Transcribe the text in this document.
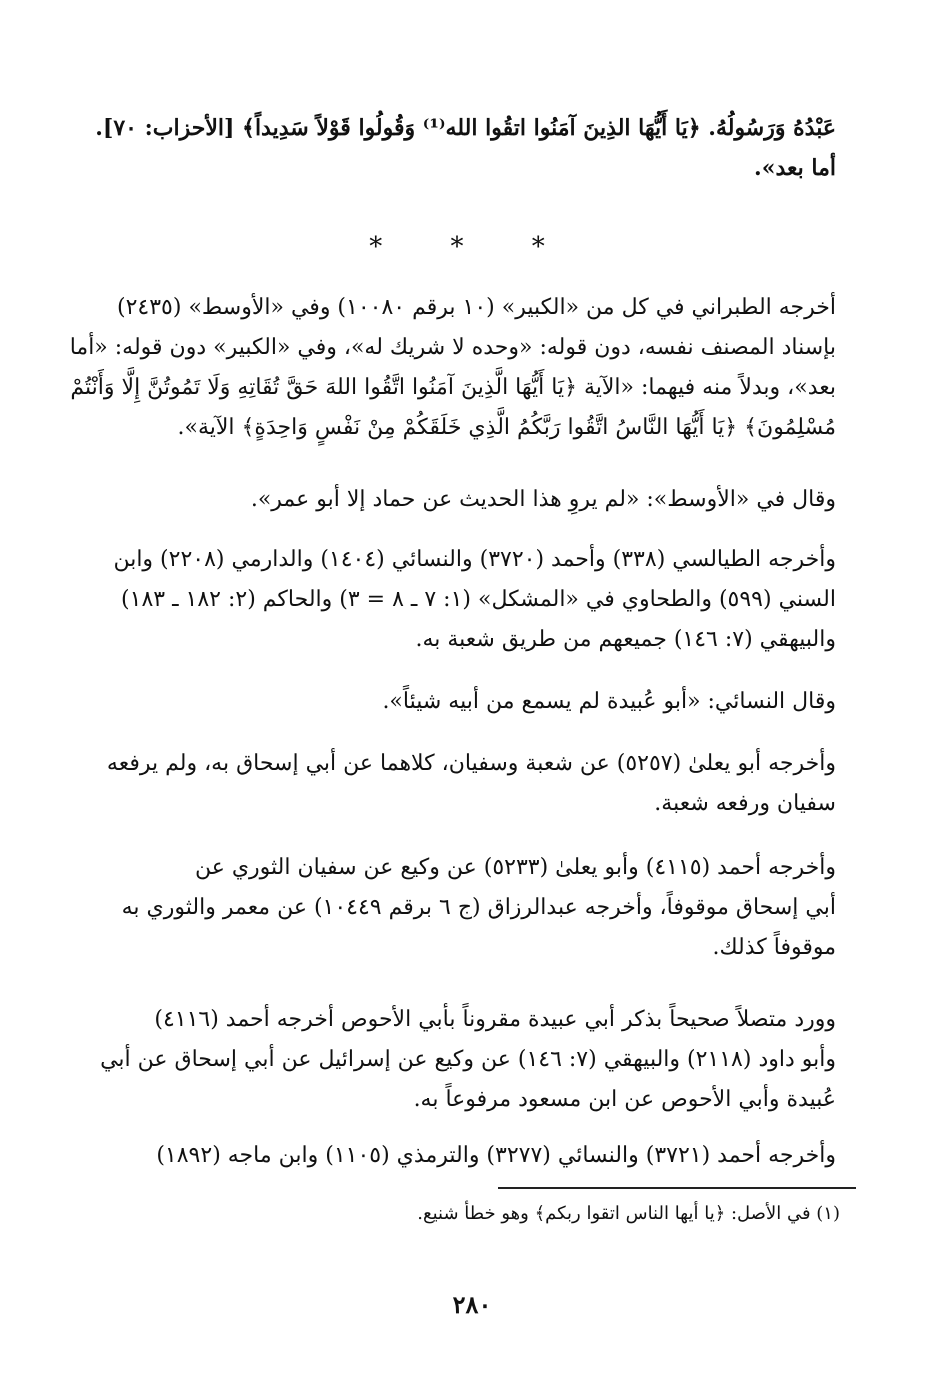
عَبْدُهُ وَرَسُولُهُ. ﴿يَا أَيُّهَا الذِينَ آمَنُوا اتقُوا الله⁽¹⁾ وَقُولُوا قَوْلاً سَدِيداً﴾ [الأحزاب: ٧٠].
أما بعد».
* * *
أخرجه الطبراني في كل من «الكبير» (١٠ برقم ١٠٠٨٠) وفي «الأوسط» (٢٤٣٥)
بإسناد المصنف نفسه، دون قوله: «وحده لا شريك له»، وفي «الكبير» دون قوله: «أما
بعد»، وبدلاً منه فيهما: «الآية ﴿يَا أَيُّهَا الَّذِينَ آمَنُوا اتَّقُوا اللهَ حَقَّ تُقَاتِهِ وَلَا تَمُوتُنَّ إِلَّا وَأَنْتُمْ
مُسْلِمُونَ﴾ ﴿يَا أَيُّهَا النَّاسُ اتَّقُوا رَبَّكُمُ الَّذِي خَلَقَكُمْ مِنْ نَفْسٍ وَاحِدَةٍ﴾ الآية».
وقال في «الأوسط»: «لم يروِ هذا الحديث عن حماد إلا أبو عمر».
وأخرجه الطيالسي (٣٣٨) وأحمد (٣٧٢٠) والنسائي (١٤٠٤) والدارمي (٢٢٠٨) وابن
السني (٥٩٩) والطحاوي في «المشكل» (١: ٧ ـ ٨ = ٣) والحاكم (٢: ١٨٢ ـ ١٨٣)
والبيهقي (٧: ١٤٦) جميعهم من طريق شعبة به.
وقال النسائي: «أبو عُبيدة لم يسمع من أبيه شيئاً».
وأخرجه أبو يعلىٰ (٥٢٥٧) عن شعبة وسفيان، كلاهما عن أبي إسحاق به، ولم يرفعه
سفيان ورفعه شعبة.
وأخرجه أحمد (٤١١٥) وأبو يعلىٰ (٥٢٣٣) عن وكيع عن سفيان الثوري عن
أبي إسحاق موقوفاً، وأخرجه عبدالرزاق (ج ٦ برقم ١٠٤٤٩) عن معمر والثوري به
موقوفاً كذلك.
وورد متصلاً صحيحاً بذكر أبي عبيدة مقروناً بأبي الأحوص أخرجه أحمد (٤١١٦)
وأبو داود (٢١١٨) والبيهقي (٧: ١٤٦) عن وكيع عن إسرائيل عن أبي إسحاق عن أبي
عُبيدة وأبي الأحوص عن ابن مسعود مرفوعاً به.
وأخرجه أحمد (٣٧٢١) والنسائي (٣٢٧٧) والترمذي (١١٠٥) وابن ماجه (١٨٩٢)
(١) في الأصل: ﴿يا أيها الناس اتقوا ربكم﴾ وهو خطأ شنيع.
٢٨٠
